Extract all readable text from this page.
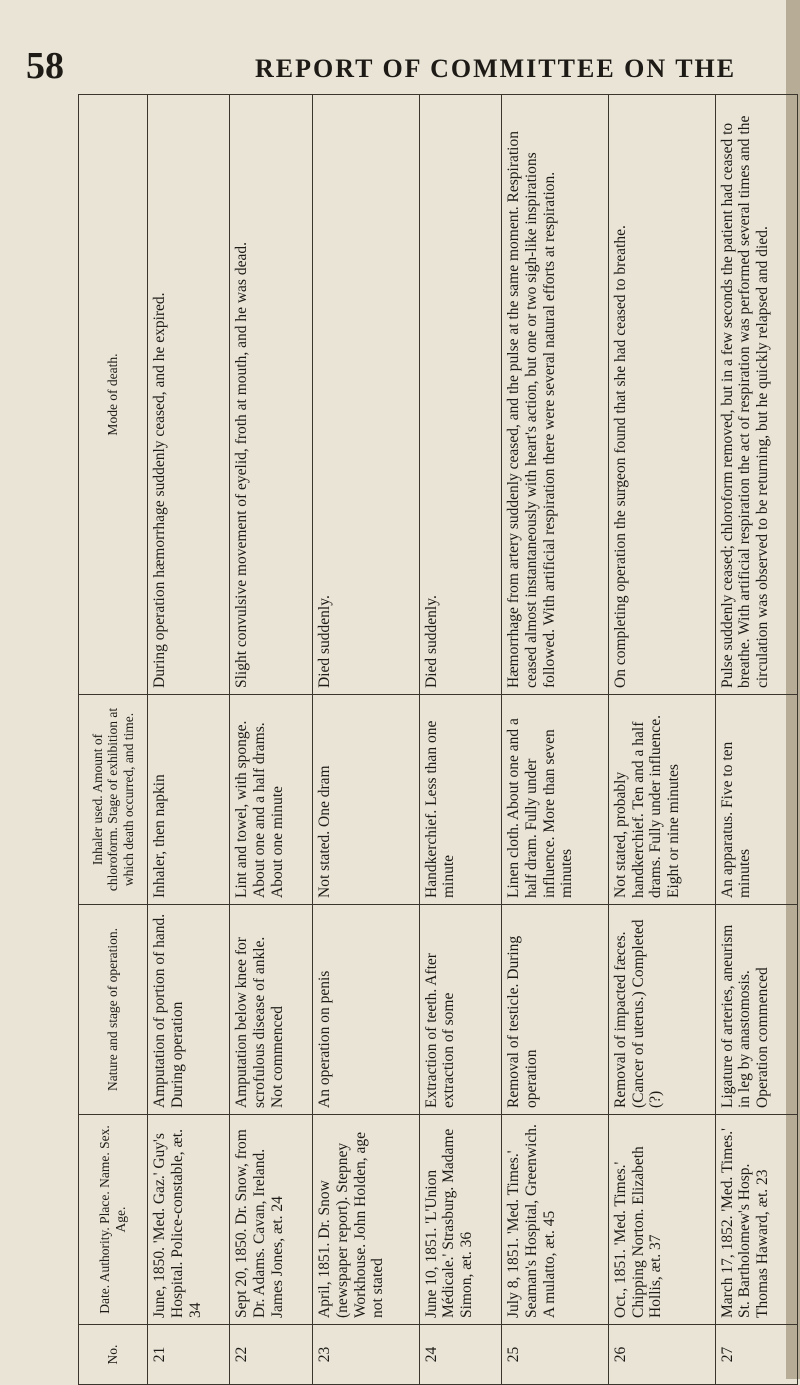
58	REPORT OF COMMITTEE ON THE
No.	Date. Authority. Place. Name. Sex. Age.	Nature and stage of operation.	Inhaler used. Amount of chloroform. Stage of exhibition at which death occurred, and time.	Mode of death.
21	June, 1850. 'Med. Gaz.' Guy's Hospital. Police-constable, æt. 34	Amputation of portion of hand. During operation	Inhaler, then napkin	During operation hæmorrhage suddenly ceased, and he expired.
22	Sept 20, 1850. Dr. Snow, from Dr. Adams. Cavan, Ireland. James Jones, æt. 24	Amputation below knee for scrofulous disease of ankle. Not commenced	Lint and towel, with sponge. About one and a half drams. About one minute	Slight convulsive movement of eyelid, froth at mouth, and he was dead.
23	April, 1851. Dr. Snow (newspaper report). Stepney Workhouse. John Holden, age not stated	An operation on penis	Not stated. One dram	Died suddenly.
24	June 10, 1851. 'L'Union Médicale.' Strasburg. Madame Simon, æt. 36	Extraction of teeth. After extraction of some	Handkerchief. Less than one minute	Died suddenly.
25	July 8, 1851. 'Med. Times.' Seaman's Hospital, Greenwich. A mulatto, æt. 45	Removal of testicle. During operation	Linen cloth. About one and a half dram. Fully under influence. More than seven minutes	Hæmorrhage from artery suddenly ceased, and the pulse at the same moment. Respiration ceased almost instantaneously with heart's action, but one or two sigh-like inspirations followed. With artificial respiration there were several natural efforts at respiration.
26	Oct., 1851. 'Med. Times.' Chipping Norton. Elizabeth Hollis, æt. 37	Removal of impacted fæces. (Cancer of uterus.) Completed (?)	Not stated, probably handkerchief. Ten and a half drams. Fully under influence. Eight or nine minutes	On completing operation the surgeon found that she had ceased to breathe.
27	March 17, 1852. 'Med. Times.' St. Bartholomew's Hosp. Thomas Haward, æt. 23	Ligature of arteries, aneurism in leg by anastomosis. Operation commenced	An apparatus. Five to ten minutes	Pulse suddenly ceased; chloroform removed, but in a few seconds the patient had ceased to breathe. With artificial respiration the act of respiration was performed several times and the circulation was observed to be returning, but he quickly relapsed and died.
